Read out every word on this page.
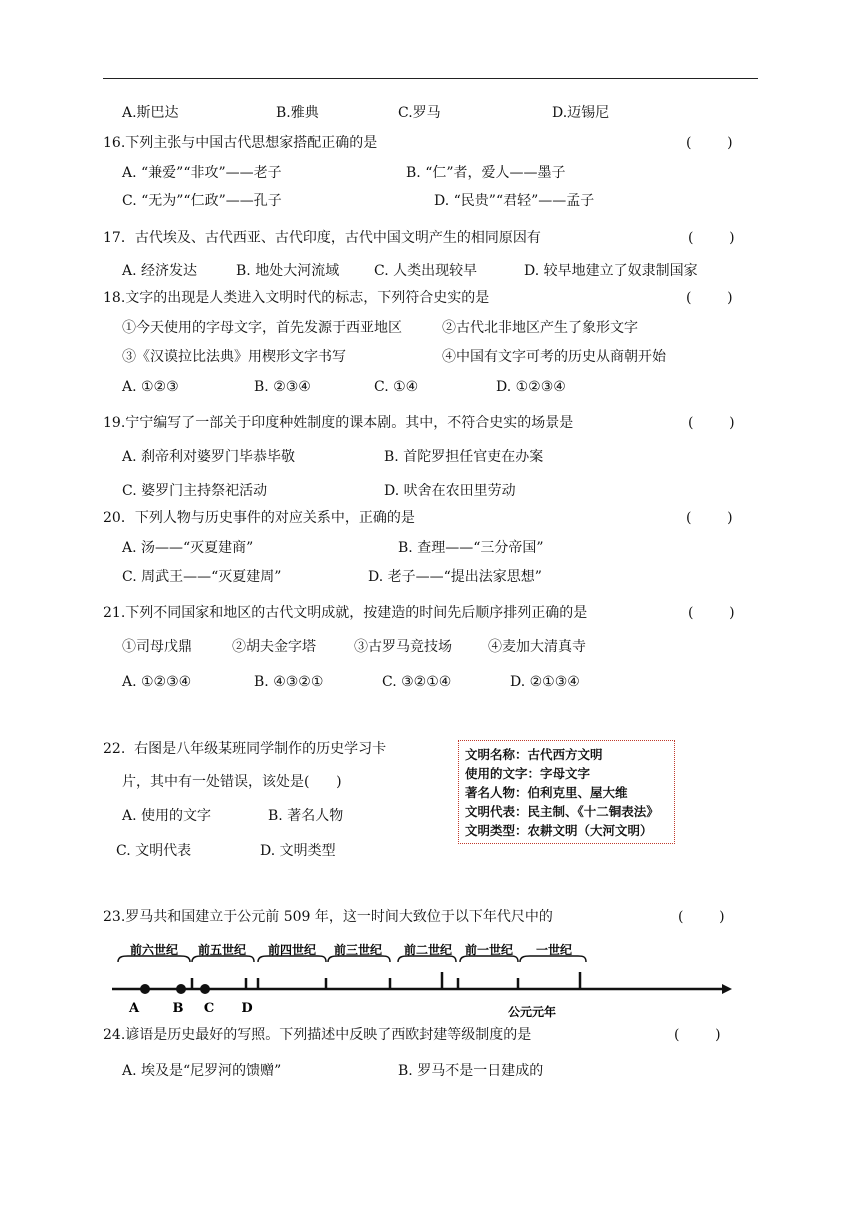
A.斯巴达	B.雅典	C.罗马	D.迈锡尼
16.下列主张与中国古代思想家搭配正确的是	(        )
A. “兼爱”“非攻”——老子	B. “仁”者，爱人——墨子
C. “无为”“仁政”——孔子	D. “民贵”“君轻”——孟子
17．古代埃及、古代西亚、古代印度，古代中国文明产生的相同原因有	(        )
A. 经济发达	B. 地处大河流域 C. 人类出现较早	D. 较早地建立了奴隶制国家
18.文字的出现是人类进入文明时代的标志，下列符合史实的是	(        )
①今天使用的字母文字，首先发源于西亚地区	②古代北非地区产生了象形文字
③《汉谟拉比法典》用楔形文字书写	④中国有文字可考的历史从商朝开始
A. ①②③	B. ②③④	C. ①④	D. ①②③④
19.宁宁编写了一部关于印度种姓制度的课本剧。其中，不符合史实的场景是	(        )
A. 刹帝利对婆罗门毕恭毕敬	B. 首陀罗担任官吏在办案
C. 婆罗门主持祭祀活动	D. 吠舍在农田里劳动
20．下列人物与历史事件的对应关系中，正确的是	(        )
A. 汤——“灭夏建商”	B. 查理——“三分帝国”
C. 周武王——“灭夏建周”	D. 老子——“提出法家思想”
21.下列不同国家和地区的古代文明成就，按建造的时间先后顺序排列正确的是	(        )
①司母戊鼎	②胡夫金字塔	③古罗马竞技场	④麦加大清真寺
A. ①②③④	B. ④③②①	C. ③②①④	D. ②①③④
22.  右图是八年级某班同学制作的历史学习卡
片，其中有一处错误，该处是(      )
A. 使用的文字	B. 著名人物
C. 文明代表	D. 文明类型
文明名称：古代西方文明
使用的文字：字母文字
著名人物：伯利克里、屋大维
文明代表：民主制、《十二铜表法》
文明类型：农耕文明（大河文明）
23.罗马共和国建立于公元前 509 年，这一时间大致位于以下年代尺中的	(        )
前六世纪 前五世纪 前四世纪 前三世纪 前二世纪 前一世纪 一世纪
A	B C D	公元元年
24.谚语是历史最好的写照。下列描述中反映了西欧封建等级制度的是	(        )
A. 埃及是“尼罗河的馈赠”	B. 罗马不是一日建成的
